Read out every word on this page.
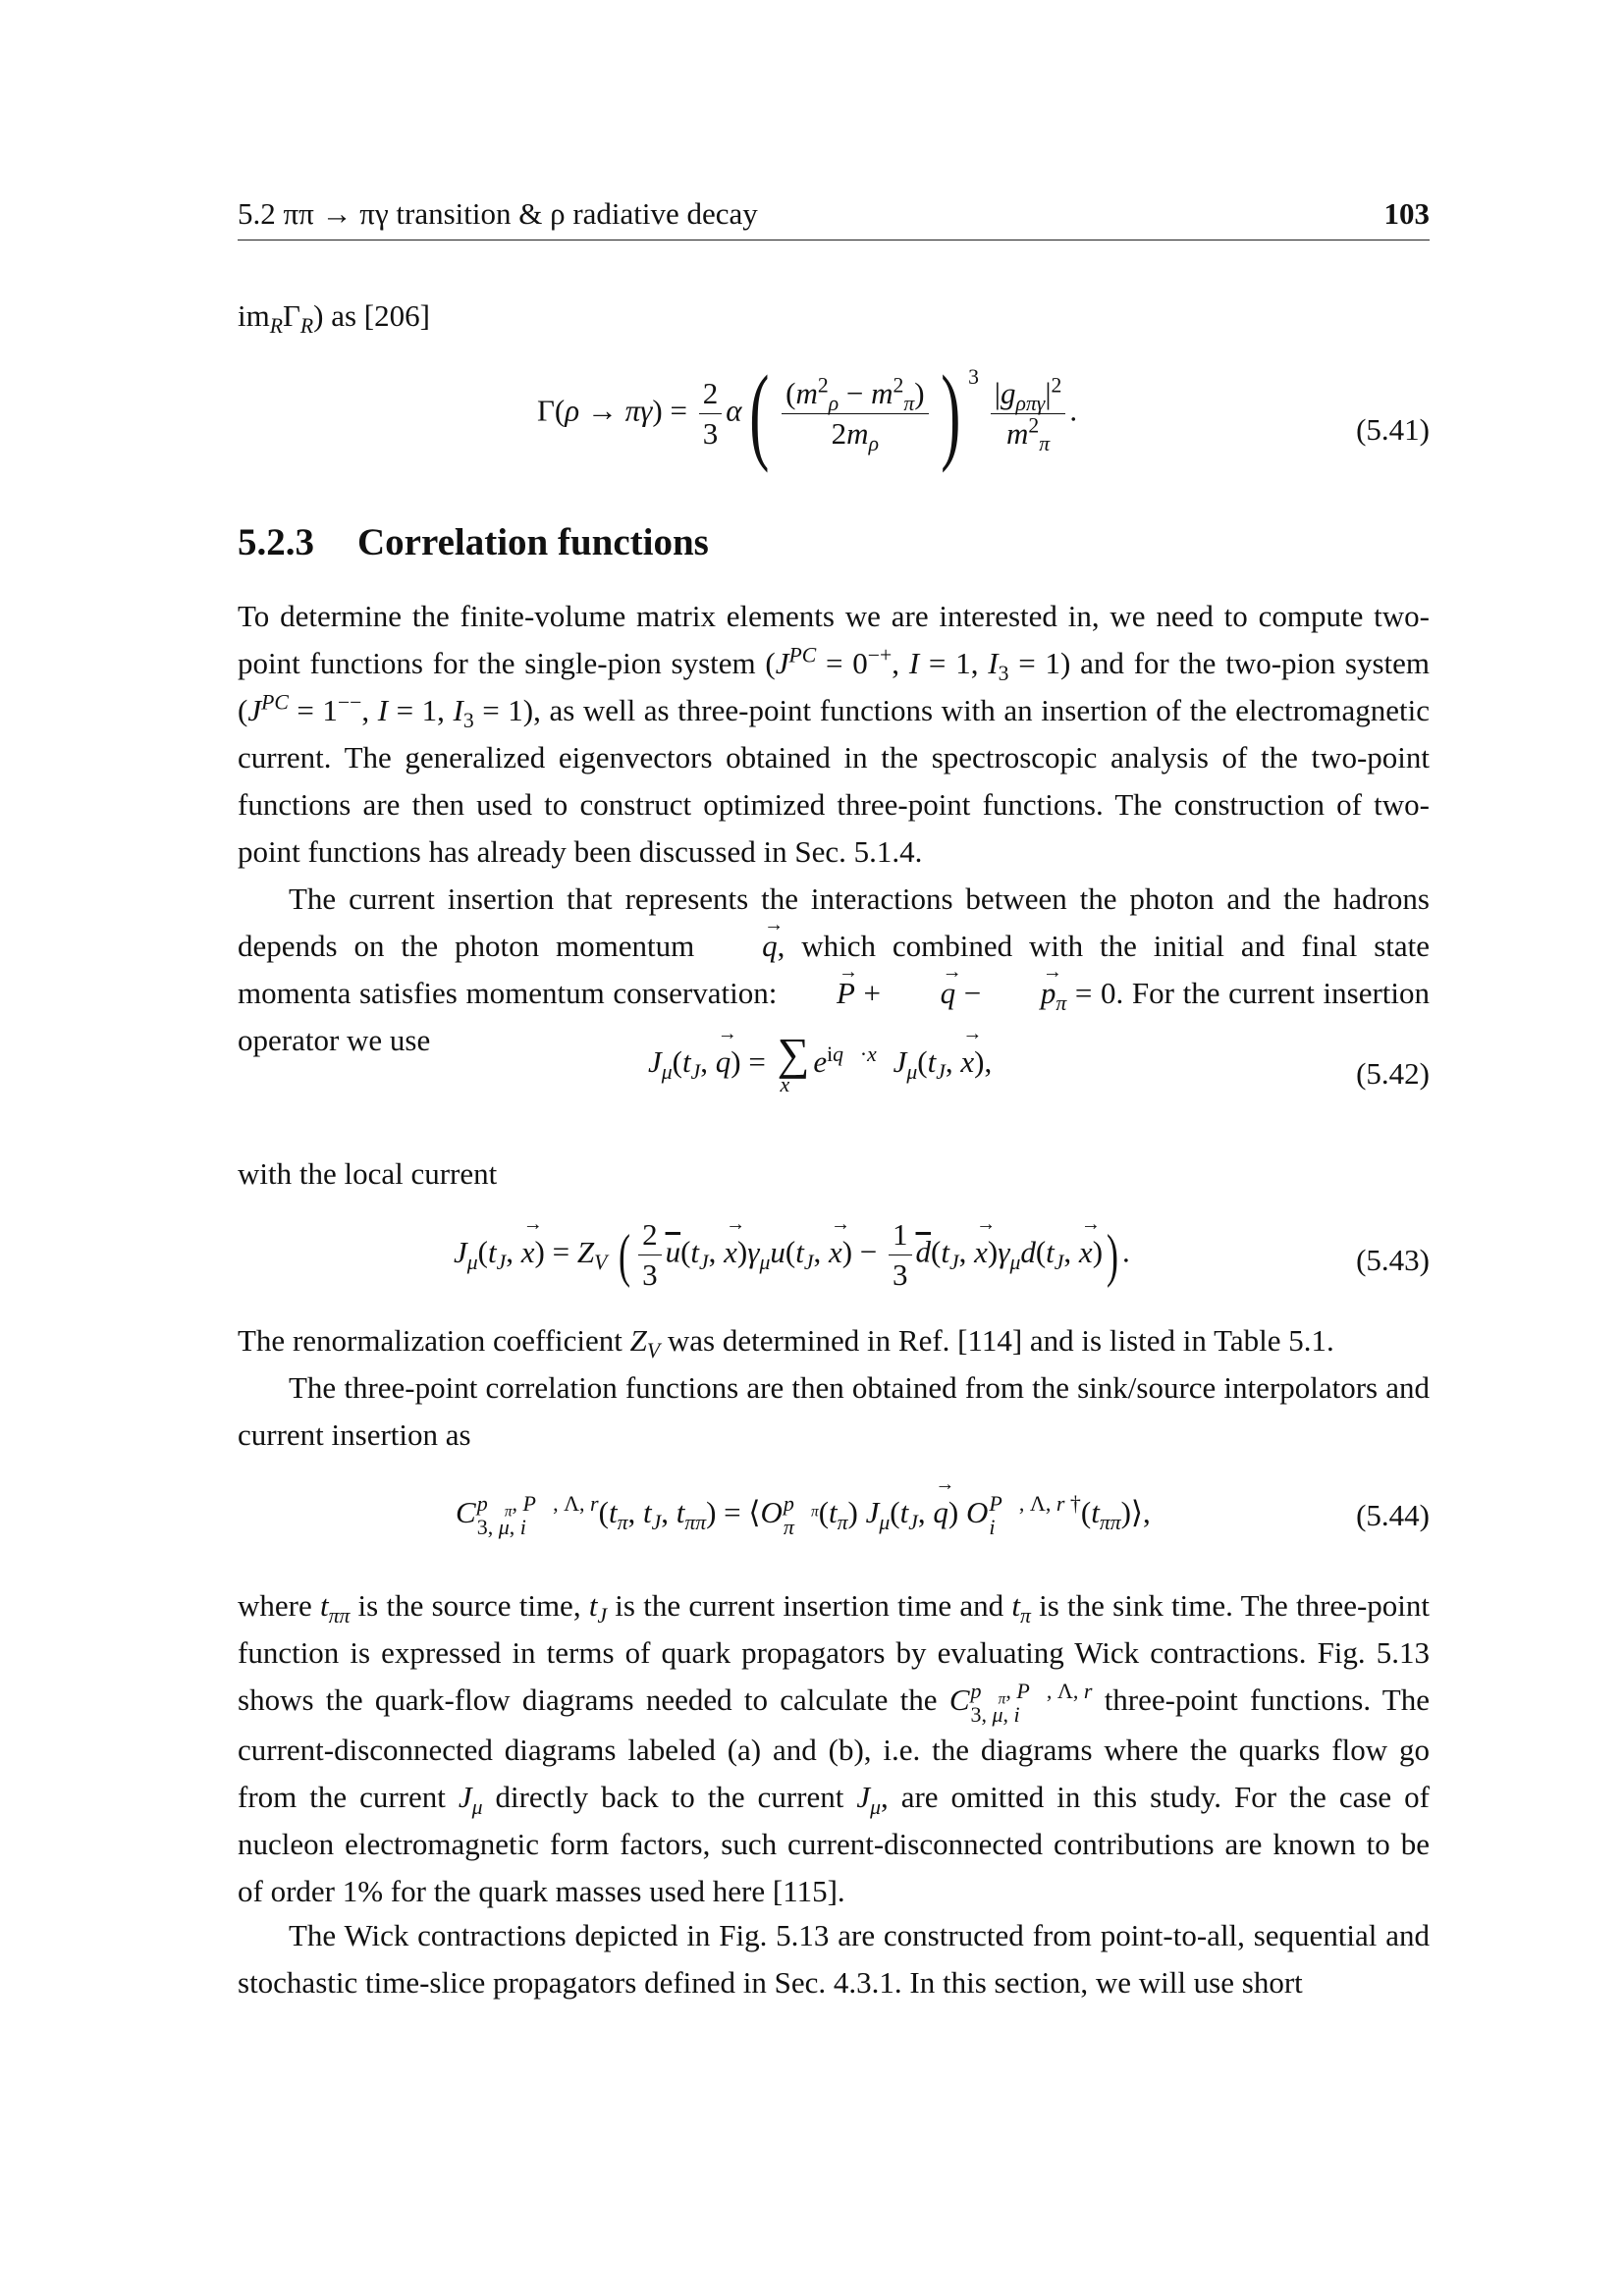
5.2 ππ → πγ transition & ρ radiative decay	103
$im_R\Gamma_R$) as [206]
$\Gamma(\rho \to \pi\gamma) = \frac{2}{3} \alpha( \frac{(m^2_\rho - m^2_\pi)}{2m_\rho}$ ) $^3 \frac{|g_{\rho\pi\gamma}|^2}{m^2_\pi}$ .
(5.41)
5.2.3 Correlation functions
To determine the finite-volume matrix elements we are interested in, we need to compute two-point functions for the single-pion system ($J^{PC} = 0^{-+}$, I = 1, $I_3 = 1$) and for the two-pion system ($J^{PC} = 1^{--}$, I = 1, $I_3 = 1$), as well as three-point functions with an insertion of the electromagnetic current. The generalized eigenvectors obtained in the spectroscopic analysis of the two-point functions are then used to construct optimized three-point functions. The construction of two-point functions has already been discussed in Sec. 5.1.4.
The current insertion that represents the interactions between the photon and the hadrons depends on the photon momentum → q, which combined with the initial and final state momenta satisfies momentum conservation: → P + → q − → $p_\pi = 0$. For the current insertion operator we use
$J_\mu(t_J$, → q) = ∑
x⃗
$e^{iq⃗\cdot x⃗}J_\mu(t_J$, → x),	(5.42)
with the local current
$J_\mu(t_J$, → $x) = Z_V$ ( $\frac{2}{3} \overline{u}(t_J$, → $x)\gamma_\mu u(t_J$, → $x) - \frac{1}{3} \overline{d}(t_J$, → $x)\gamma_\mu d(t_J$, → x)) .	(5.43)
The renormalization coefficient $Z_V$ was determined in Ref. [114] and is listed in Table 5.1.
The three-point correlation functions are then obtained from the sink/source interpolators and current insertion as
C $p⃗_\pi$, P⃗, Λ, r
3, μ, i	($t_\pi$, $t_J$, $t_{\pi\pi}$) = ⟨O $p⃗_\pi$
π $(t_\pi) J_\mu(t_J$, → q) O P⃗, Λ, r †
i	$(t_{\pi\pi})⟩$,	(5.44)
where $t_{\pi\pi}$ is the source time, $t_J$ is the current insertion time and $t_\pi$ is the sink time. The three-point function is expressed in terms of quark propagators by evaluating Wick contractions. Fig. 5.13 shows the quark-flow diagrams needed to calculate the C $p⃗_\pi$, P⃗, Λ, r
3, μ, i	three-point functions. The current-disconnected diagrams labeled (a) and (b), i.e. the diagrams where the quarks flow go from the current $J_\mu$ directly back to the current $J_\mu$, are omitted in this study. For the case of nucleon electromagnetic form factors, such current-disconnected contributions are known to be of order 1% for the quark masses used here [115].
The Wick contractions depicted in Fig. 5.13 are constructed from point-to-all, sequential and stochastic time-slice propagators defined in Sec. 4.3.1. In this section, we will use short
